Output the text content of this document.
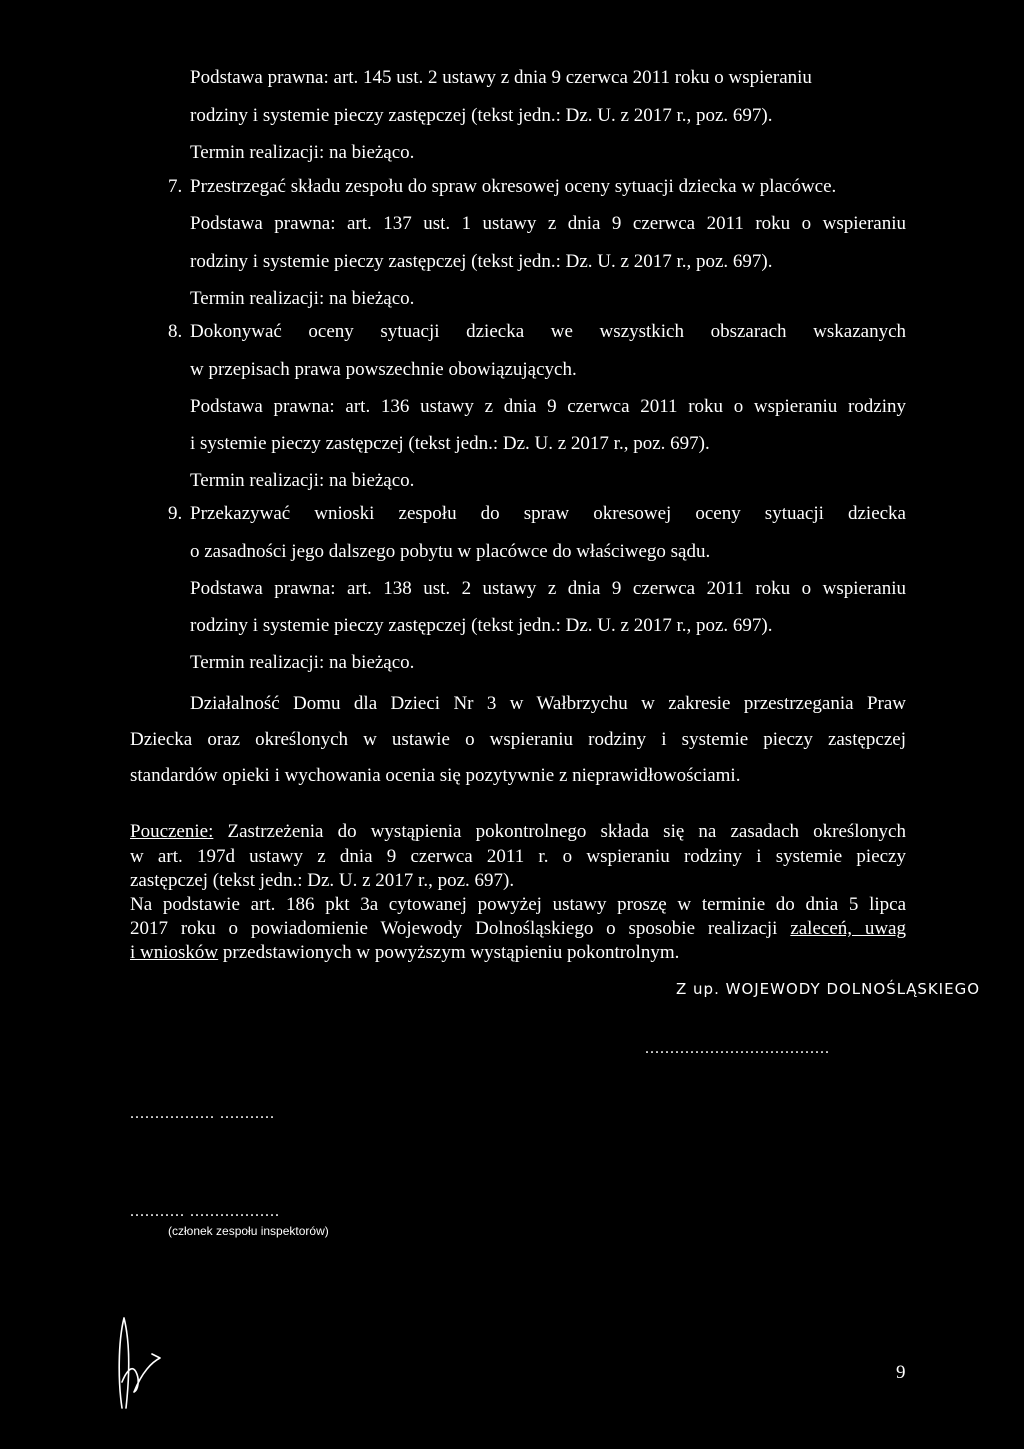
Podstawa prawna: art. 145 ust. 2 ustawy z dnia 9 czerwca 2011 roku o wspieraniu
rodziny i systemie pieczy zastępczej (tekst jedn.: Dz. U. z 2017 r., poz. 697).
Termin realizacji: na bieżąco.
7. Przestrzegać składu zespołu do spraw okresowej oceny sytuacji dziecka w placówce.
Podstawa prawna: art. 137 ust. 1 ustawy z dnia 9 czerwca 2011 roku o wspieraniu
rodziny i systemie pieczy zastępczej (tekst jedn.: Dz. U. z 2017 r., poz. 697).
Termin realizacji: na bieżąco.
8. Dokonywać oceny sytuacji dziecka we wszystkich obszarach wskazanych
w przepisach prawa powszechnie obowiązujących.
Podstawa prawna: art. 136 ustawy z dnia 9 czerwca 2011 roku o wspieraniu rodziny
i systemie pieczy zastępczej (tekst jedn.: Dz. U. z 2017 r., poz. 697).
Termin realizacji: na bieżąco.
9. Przekazywać wnioski zespołu do spraw okresowej oceny sytuacji dziecka
o zasadności jego dalszego pobytu w placówce do właściwego sądu.
Podstawa prawna: art. 138 ust. 2 ustawy z dnia 9 czerwca 2011 roku o wspieraniu
rodziny i systemie pieczy zastępczej (tekst jedn.: Dz. U. z 2017 r., poz. 697).
Termin realizacji: na bieżąco.
Działalność Domu dla Dzieci Nr 3 w Wałbrzychu w zakresie przestrzegania Praw
Dziecka oraz określonych w ustawie o wspieraniu rodziny i systemie pieczy zastępczej
standardów opieki i wychowania ocenia się pozytywnie z nieprawidłowościami.
Pouczenie: Zastrzeżenia do wystąpienia pokontrolnego składa się na zasadach określonych
w art. 197d ustawy z dnia 9 czerwca 2011 r. o wspieraniu rodziny i systemie pieczy
zastępczej (tekst jedn.: Dz. U. z 2017 r., poz. 697).
Na podstawie art. 186 pkt 3a cytowanej powyżej ustawy proszę w terminie do dnia 5 lipca
2017 roku o powiadomienie Wojewody Dolnośląskiego o sposobie realizacji zaleceń, uwag
i wniosków przedstawionych w powyższym wystąpieniu pokontrolnym.
Z up. WOJEWODY DOLNOŚLĄSKIEGO
.....................................
................. ...........
........... ..................
(członek zespołu inspektorów)
9
